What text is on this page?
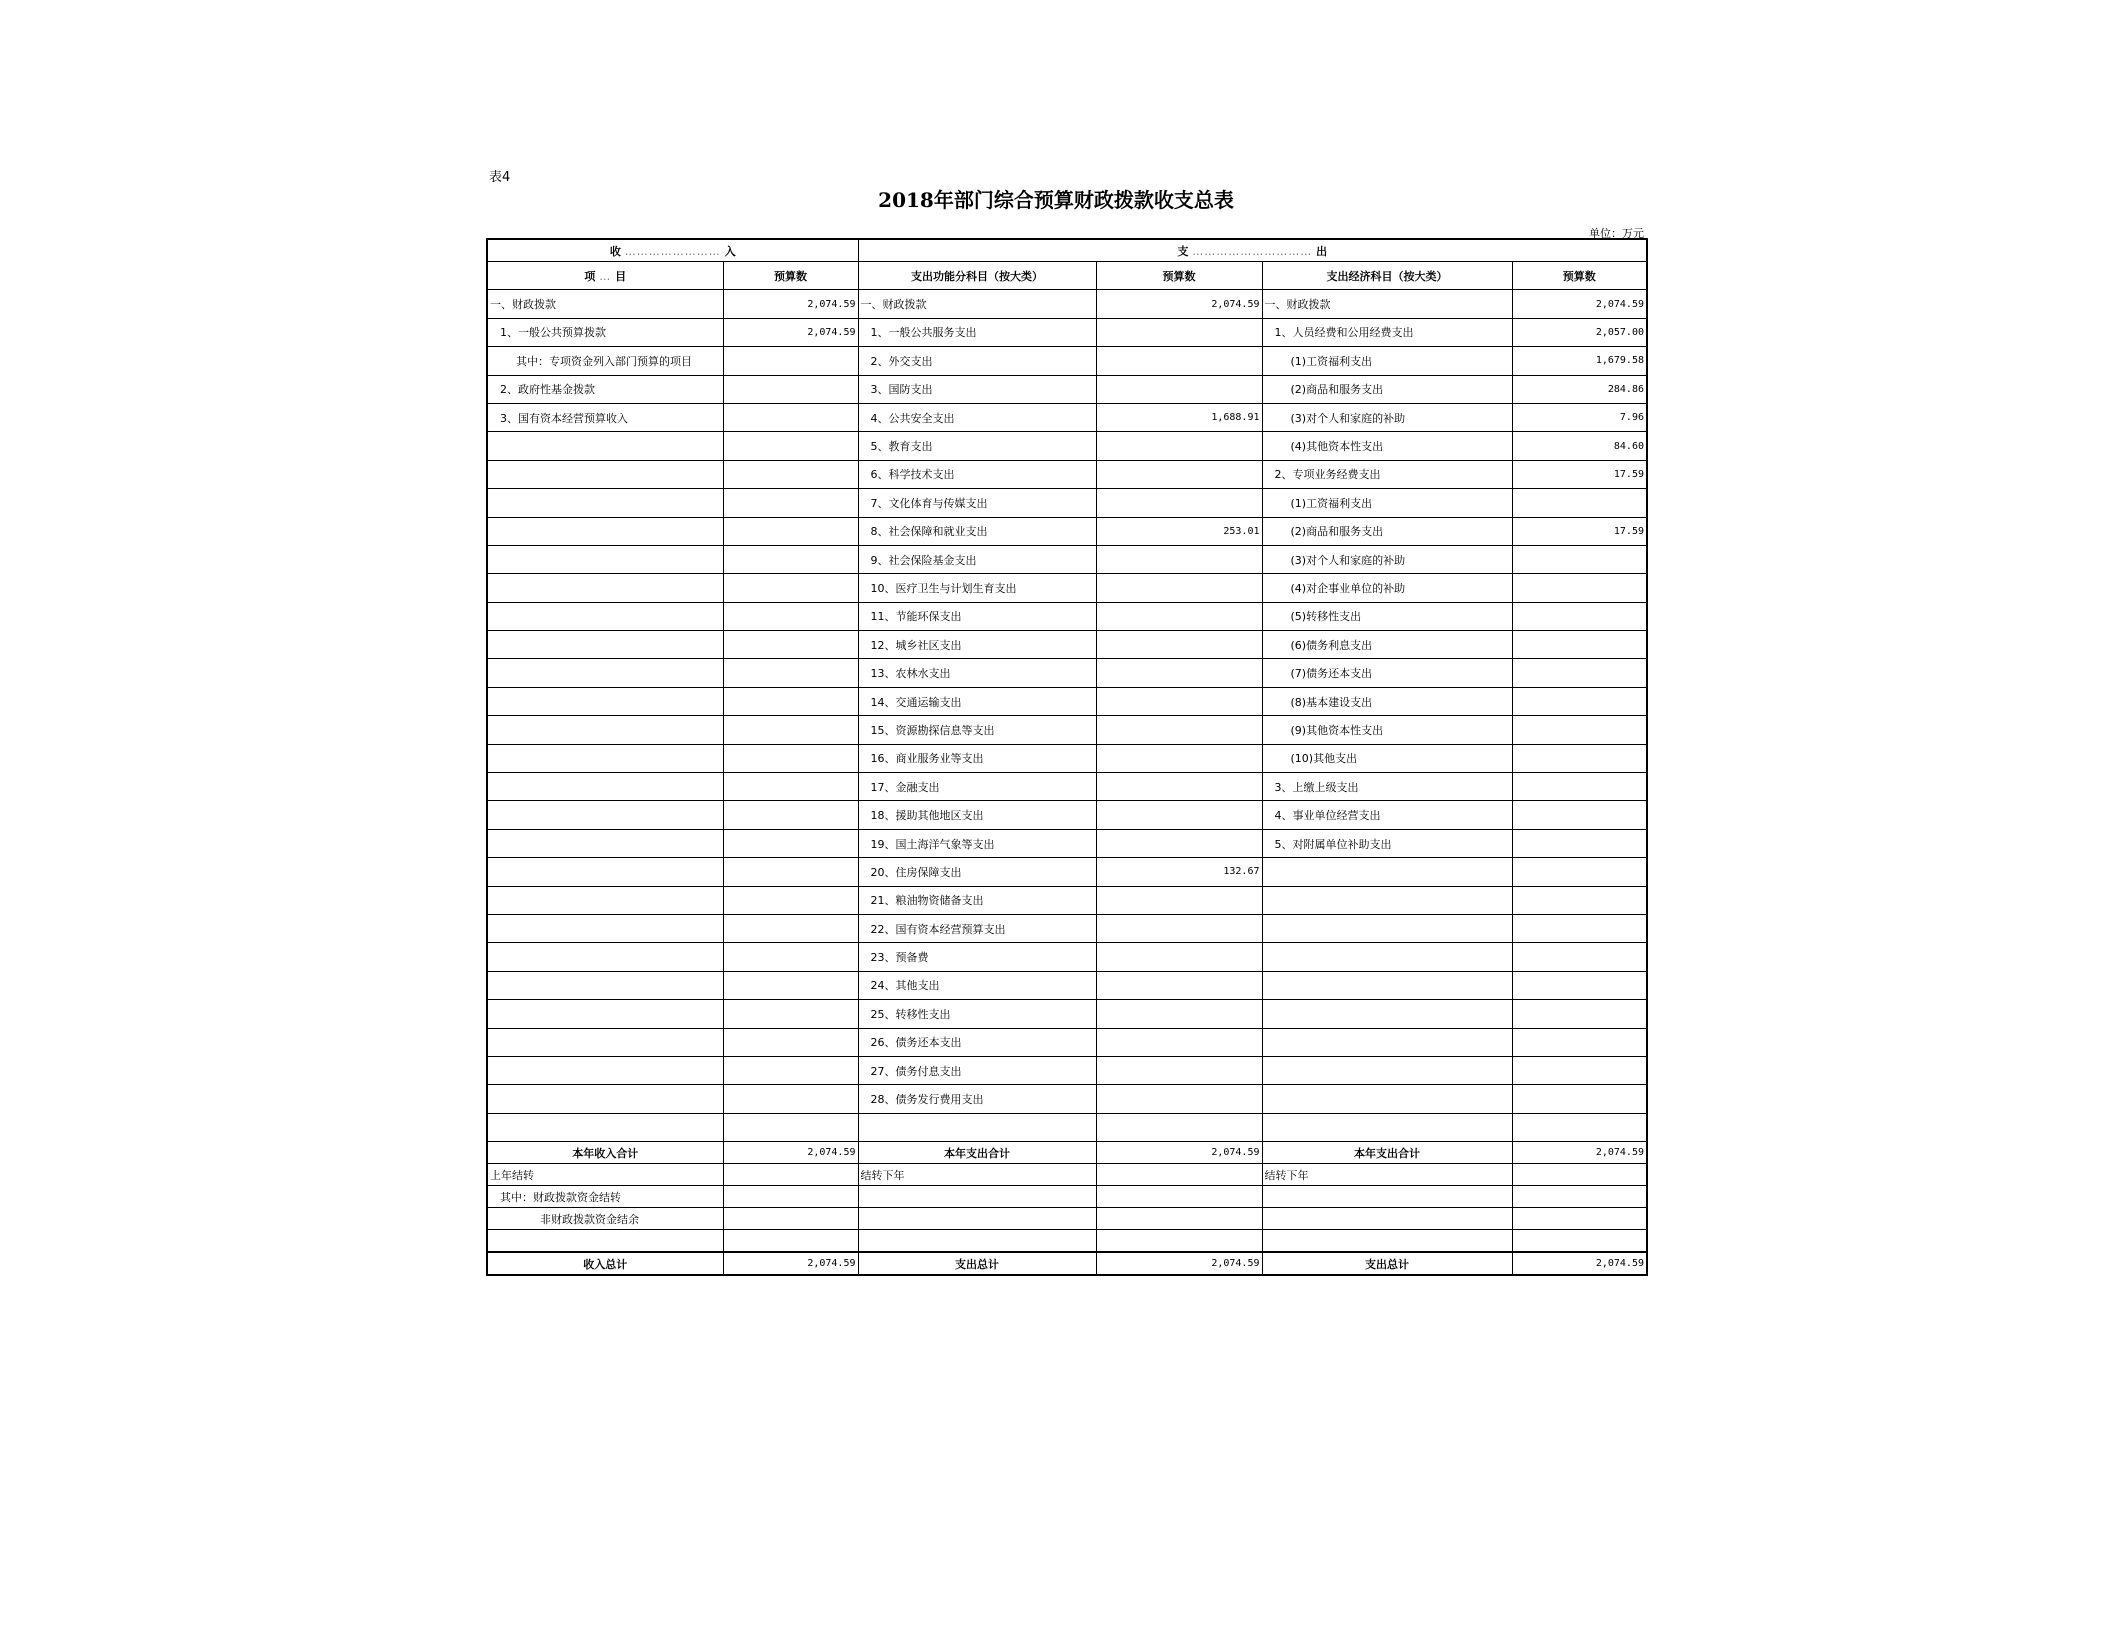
表4
2018年部门综合预算财政拨款收支总表
单位：万元
收 …………………… 入		支 ………………………… 出			
项 … 目	预算数	支出功能分科目（按大类）	预算数	支出经济科目（按大类）	预算数
一、财政拨款	2,074.59	一、财政拨款	2,074.59	一、财政拨款	2,074.59
1、一般公共预算拨款	2,074.59	1、一般公共服务支出		1、人员经费和公用经费支出	2,057.00
其中：专项资金列入部门预算的项目		2、外交支出		(1)工资福利支出	1,679.58
2、政府性基金拨款		3、国防支出		(2)商品和服务支出	284.86
3、国有资本经营预算收入		4、公共安全支出	1,688.91	(3)对个人和家庭的补助	7.96
		5、教育支出		(4)其他资本性支出	84.60
		6、科学技术支出		2、专项业务经费支出	17.59
		7、文化体育与传媒支出		(1)工资福利支出	
		8、社会保障和就业支出	253.01	(2)商品和服务支出	17.59
		9、社会保险基金支出		(3)对个人和家庭的补助	
		10、医疗卫生与计划生育支出		(4)对企事业单位的补助	
		11、节能环保支出		(5)转移性支出	
		12、城乡社区支出		(6)债务利息支出	
		13、农林水支出		(7)债务还本支出	
		14、交通运输支出		(8)基本建设支出	
		15、资源勘探信息等支出		(9)其他资本性支出	
		16、商业服务业等支出		(10)其他支出	
		17、金融支出		3、上缴上级支出	
		18、援助其他地区支出		4、事业单位经营支出	
		19、国土海洋气象等支出		5、对附属单位补助支出	
		20、住房保障支出	132.67		
		21、粮油物资储备支出			
		22、国有资本经营预算支出			
		23、预备费			
		24、其他支出			
		25、转移性支出			
		26、债务还本支出			
		27、债务付息支出			
		28、债务发行费用支出			

本年收入合计	2,074.59	本年支出合计	2,074.59	本年支出合计	2,074.59
上年结转		结转下年		结转下年	
其中：财政拨款资金结转					
非财政拨款资金结余					

收入总计	2,074.59	支出总计	2,074.59	支出总计	2,074.59
